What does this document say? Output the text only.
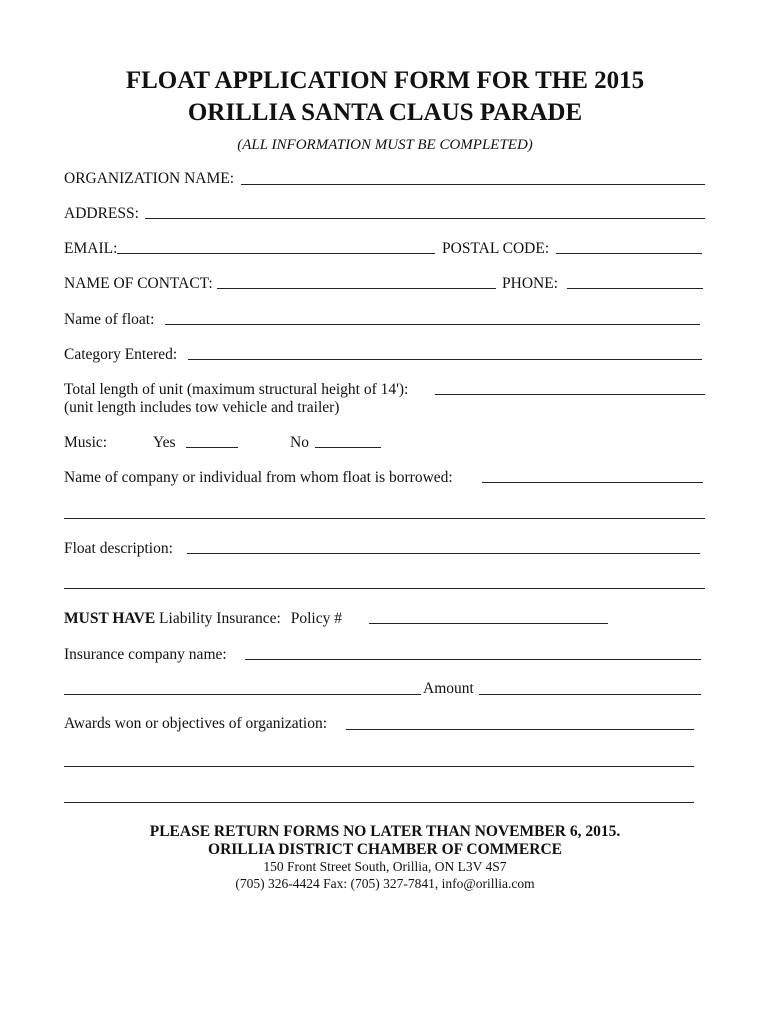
FLOAT APPLICATION FORM FOR THE 2015
ORILLIA SANTA CLAUS PARADE
(ALL INFORMATION MUST BE COMPLETED)
ORGANIZATION NAME:
ADDRESS:
EMAIL:	POSTAL CODE:
NAME OF CONTACT:	PHONE:
Name of float:
Category Entered:
Total length of unit (maximum structural height of 14'):
(unit length includes tow vehicle and trailer)
Music:	Yes	No
Name of company or individual from whom float is borrowed:
Float description:
MUST HAVE Liability Insurance: Policy #
Insurance company name:
Amount
Awards won or objectives of organization:
PLEASE RETURN FORMS NO LATER THAN NOVEMBER 6, 2015.
ORILLIA DISTRICT CHAMBER OF COMMERCE
150 Front Street South, Orillia, ON L3V 4S7
(705) 326-4424 Fax: (705) 327-7841, info@orillia.com
